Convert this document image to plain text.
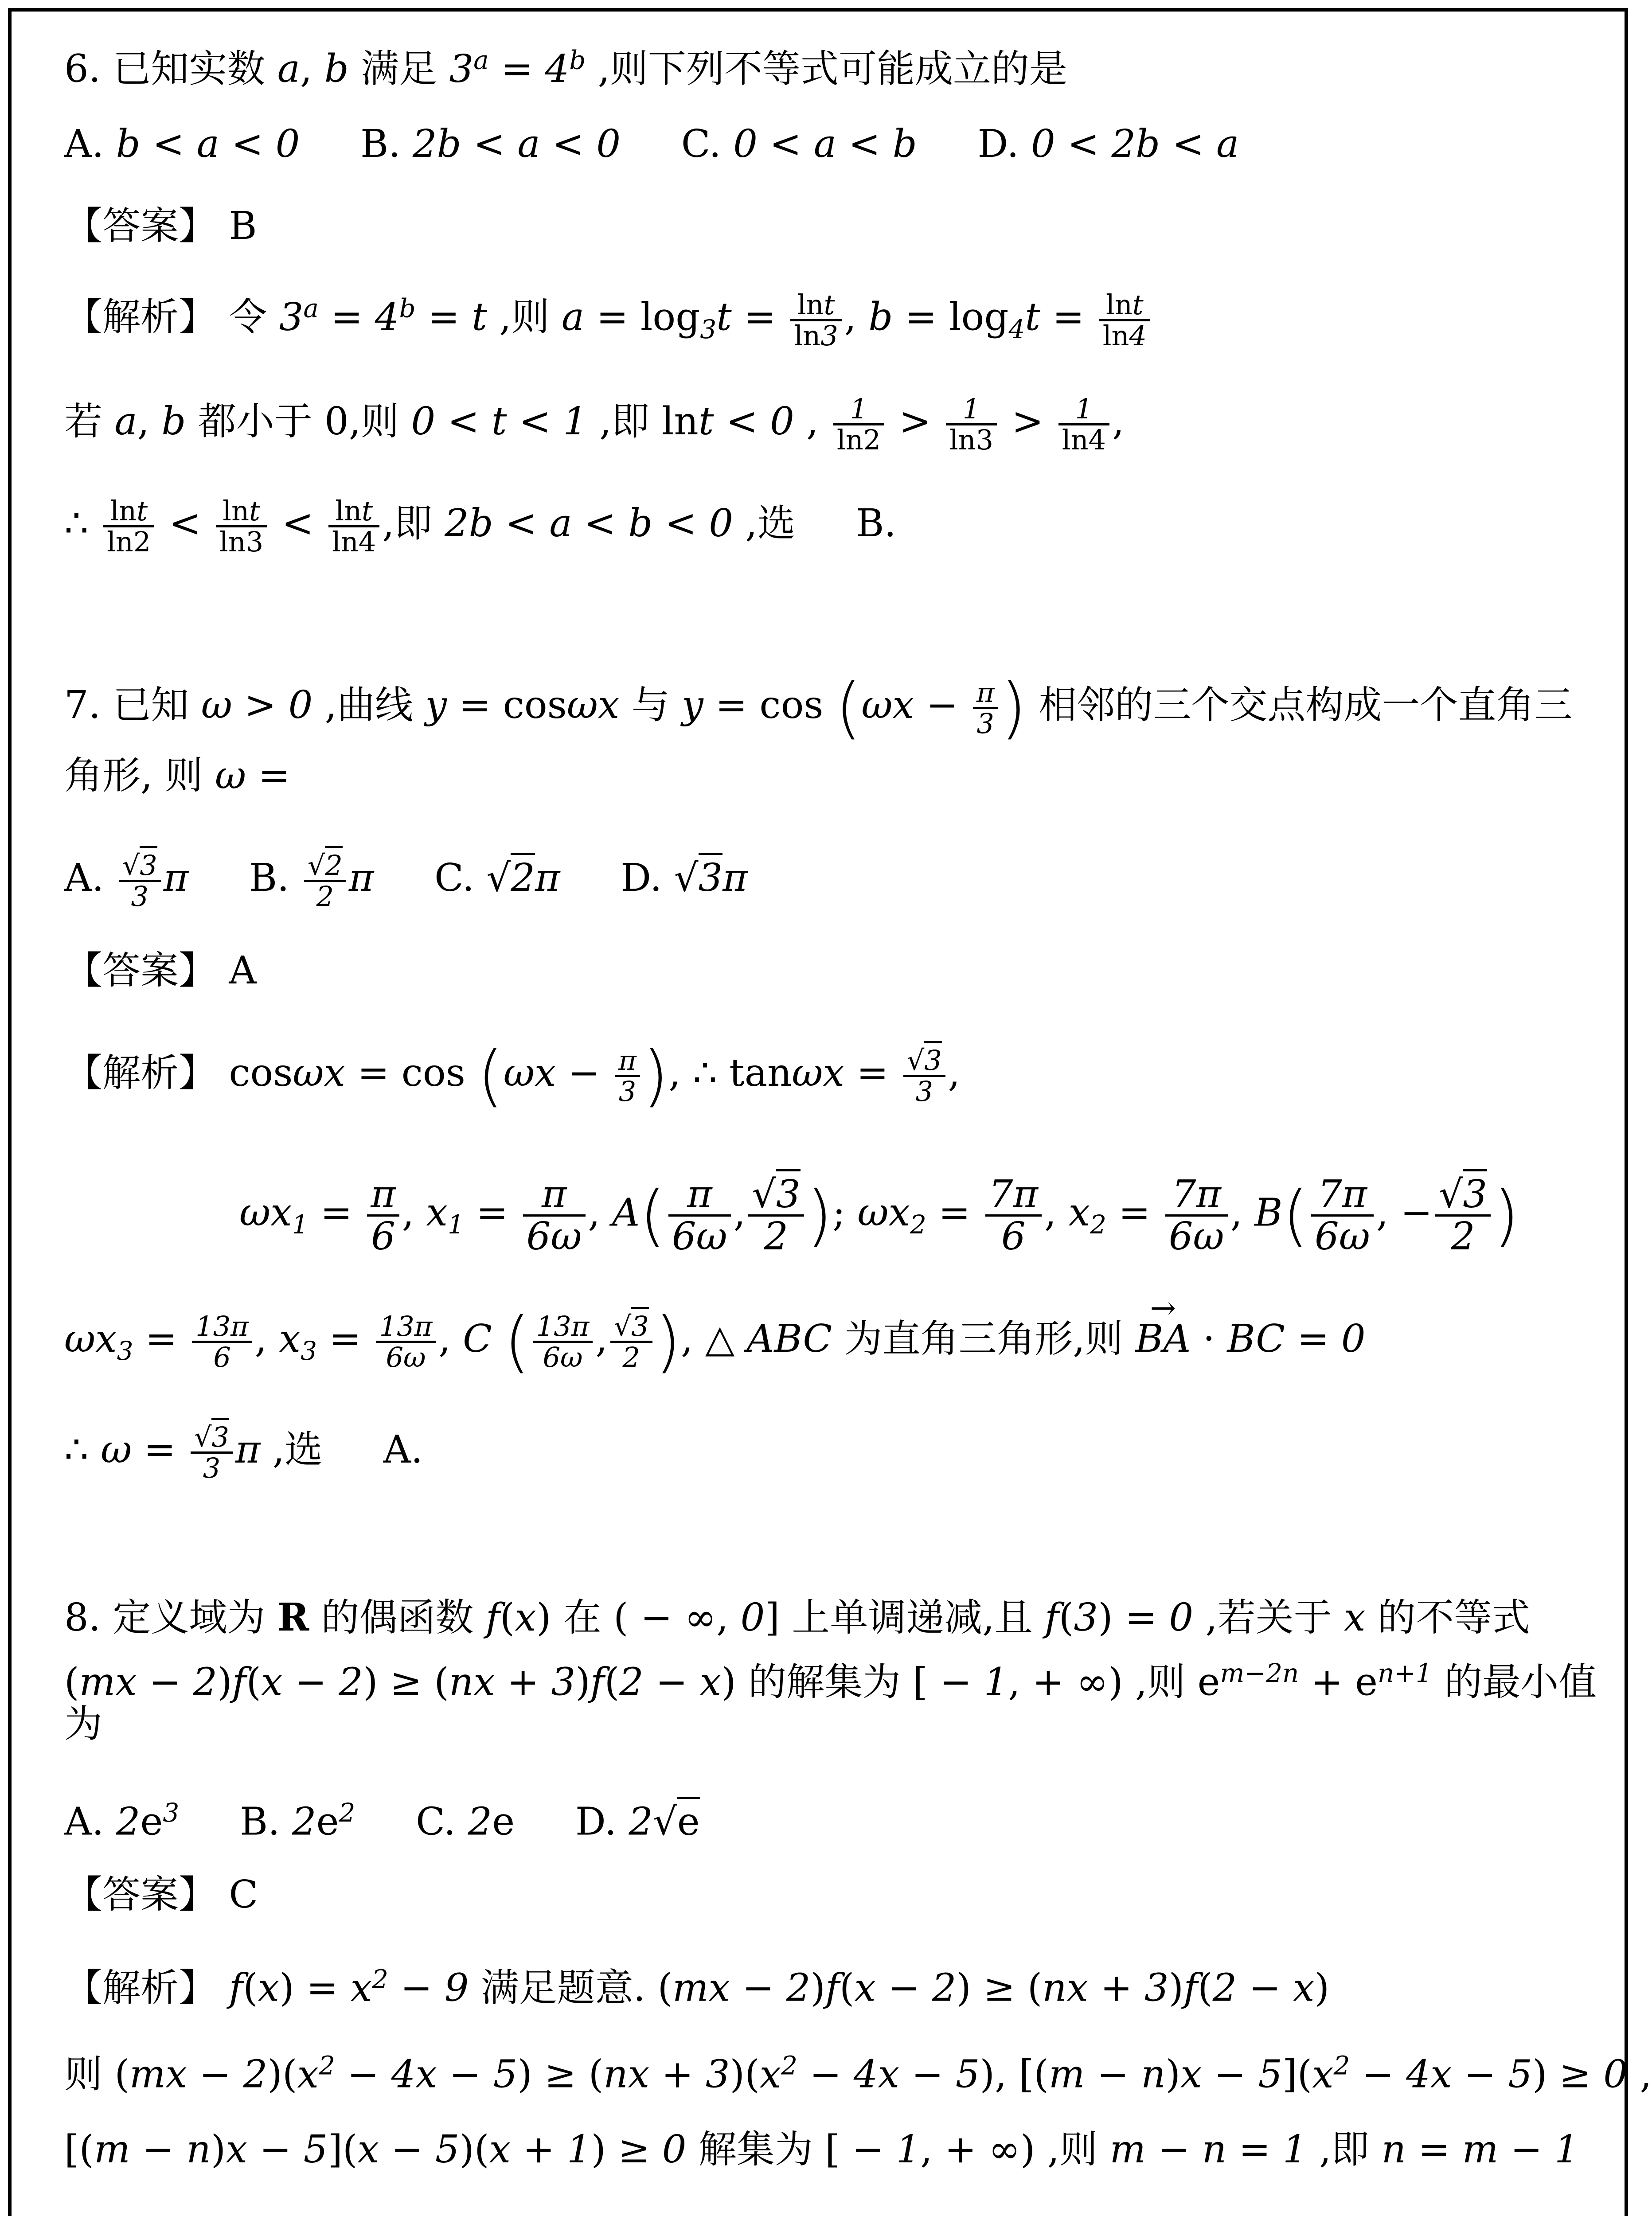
6. 已知实数 a, b 满足 $3^a = 4^b$ ,则下列不等式可能成立的是
A. b < a < 0     B. 2b < a < 0     C. 0 < a < b     D. 0 < 2b < a
【答案】 B
【解析】 令 $3^a = 4^b = t$ ,则 $a = \log_3t = \frac{\ln t}{\ln 3}$ , $b = \log_4t = \frac{\ln t}{\ln 4}$
若 a, b 都小于 0,则 0 < t < 1 ,即 lnt < 0 , $\frac{1}{\ln 2} > \frac{1}{\ln 3} > \frac{1}{\ln 4}$ ,
∴ $\frac{\ln t}{\ln 2} < \frac{\ln t}{\ln 3} < \frac{\ln t}{\ln 4}$ ,即 2b < a < b < 0 ,选     B.
7. 已知 ω > 0 ,曲线 y = cosωx 与 $y = \cos (\omega x - \frac{\pi}{3}$ ) 相邻的三个交点构成一个直角三
角形, 则 ω =
A. $\frac{√3}{3}$ π     B. $\frac{√2}{2}$ π     C. √2π     D. √3π
【答案】 A
【解析】 $\cos\omega x = \cos (\omega x - \frac{\pi}{3}$ ), ∴ $\tan\omega x = \frac{√3}{3}$ ,
$\omega x_1 = \frac{\pi}{6}$ , $x_1 = \frac{\pi}{6\omega}$ , $A( \frac{\pi}{6\omega}$ , $\frac{√3}{2}$ ); $\omega x_2 = \frac{7\pi}{6}$ , $x_2 = \frac{7\pi}{6\omega}$ , $B( \frac{7\pi}{6\omega}$ , − $\frac{√3}{2}$ )
$\omega x_3 = \frac{13\pi}{6}$ , $x_3 = \frac{13\pi}{6\omega}$ , C ( $\frac{13\pi}{6\omega}$ , $\frac{√3}{2}$ ), △ ABC 为直角三角形,则 → BA · BC = 0
∴ $\omega = \frac{√3}{3}$ π ,选     A.
8. 定义域为 R 的偶函数 f(x) 在 ( − ∞, 0] 上单调递减,且 f(3) = 0 ,若关于 x 的不等式
(mx − 2)f(x − 2) ≥ (nx + 3)f(2 − x) 的解集为 [ − 1, + ∞) ,则 $e^{m-2n} + e^{n+1}$ 的最小值
为
A. $2e^3$     B. $2e^2$     C. 2e     D. 2√e
【答案】 C
【解析】 $f(x) = x^2 - 9$ 满足题意. (mx − 2)f(x − 2) ≥ (nx + 3)f(2 − x)
则 $(mx - 2)(x^2 - 4x - 5) \ge (nx + 3)(x^2 - 4x - 5)$, $[(m - n)x - 5](x^2 - 4x - 5) \ge 0$ ,
[(m − n)x − 5](x − 5)(x + 1) ≥ 0 解集为 [ − 1, + ∞) ,则 m − n = 1 ,即 n = m − 1
